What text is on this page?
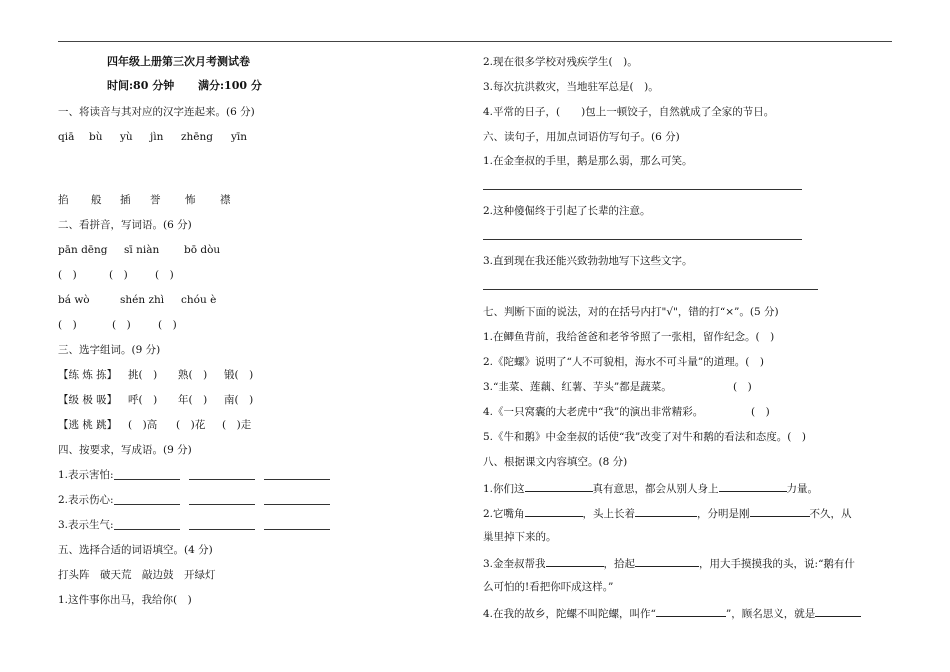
四年级上册第三次月考测试卷
时间:80 分钟 满分:100 分
一、将读音与其对应的汉字连起来。(6 分)
qiā bù yù jìn zhēng yīn
掐 般 插 誉 怖 襟
二、看拼音，写词语。(6 分)
pān dēng sī niàn bō dòu
(　)	(　)	(　)
bá wò	shén zhì chóu è
(　)	(　)	(　)
三、选字组词。(9 分)
【练 炼 拣】 挑(　) 熟(　) 锻(　)
【级 极 吸】 呼(　) 年(　) 南(　)
【逃 桃 跳】 (　)高 (　)花 (　)走
四、按要求，写成语。(9 分)
1.表示害怕:
2.表示伤心:
3.表示生气:
五、选择合适的词语填空。(4 分)
打头阵　破天荒　敲边鼓　开绿灯
1.这件事你出马，我给你(　)
2.现在很多学校对残疾学生(　)。
3.每次抗洪救灾，当地驻军总是(　)。
4.平常的日子，(　　)包上一顿饺子，自然就成了全家的节日。
六、读句子，用加点词语仿写句子。(6 分)
1.在金奎叔的手里，鹅是那么弱，那么可笑。
2.这种傻倔终于引起了长辈的注意。
3.直到现在我还能兴致勃勃地写下这些文字。
七、判断下面的说法，对的在括号内打"√"，错的打“×”。(5 分)
1.在鲫鱼背前，我给爸爸和老爷爷照了一张相，留作纪念。(　)
2.《陀螺》说明了“人不可貌相，海水不可斗量”的道理。(　)
3.“韭菜、莲藕、红薯、芋头”都是蔬菜。	(　)
4.《一只窝囊的大老虎中“我”的演出非常精彩。	(　)
5.《牛和鹅》中金奎叔的话使“我”改变了对牛和鹅的看法和态度。(　)
八、根据课文内容填空。(8 分)
1.你们这	真有意思，都会从别人身上	力量。
2.它嘴角	，头上长着	，分明是刚	不久，从
巢里掉下来的。
3.金奎叔帮我	，拾起	，用大手摸摸我的头，说:“鹅有什
么可怕的!看把你吓成这样。”
4.在我的故乡，陀螺不叫陀螺，叫作“	”，顾名思义，就是
